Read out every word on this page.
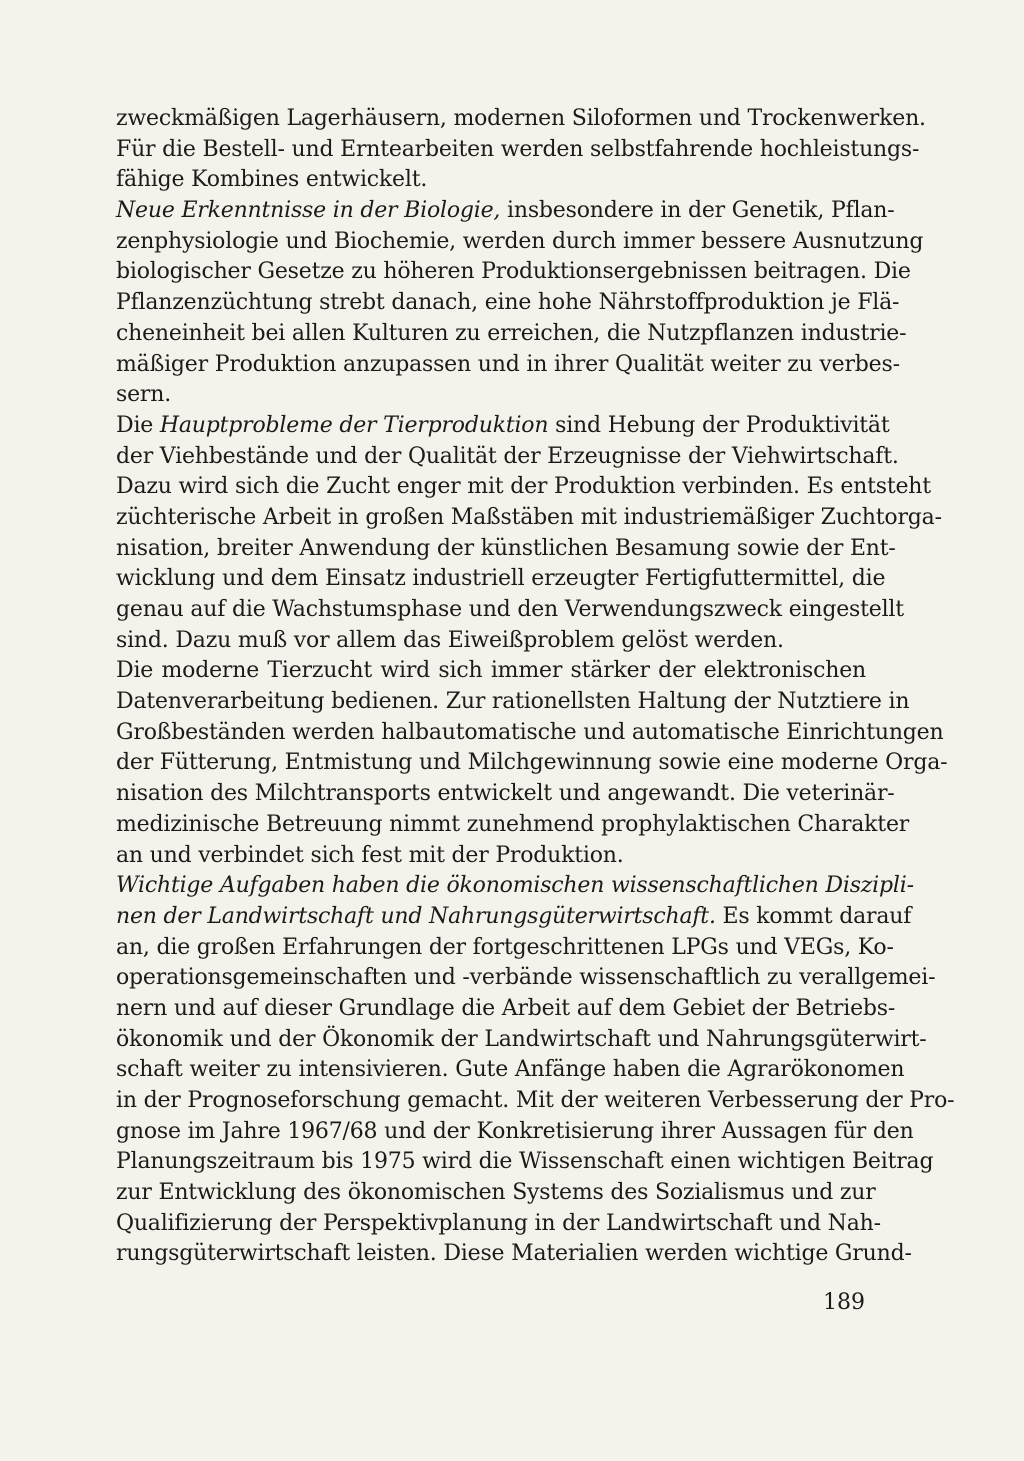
zweckmäßigen Lagerhäusern, modernen Siloformen und Trockenwerken.
Für die Bestell- und Erntearbeiten werden selbstfahrende hochleistungs-
fähige Kombines entwickelt.
Neue Erkenntnisse in der Biologie, insbesondere in der Genetik, Pflan-
zenphysiologie und Biochemie, werden durch immer bessere Ausnutzung
biologischer Gesetze zu höheren Produktionsergebnissen beitragen. Die
Pflanzenzüchtung strebt danach, eine hohe Nährstoffproduktion je Flä-
cheneinheit bei allen Kulturen zu erreichen, die Nutzpflanzen industrie-
mäßiger Produktion anzupassen und in ihrer Qualität weiter zu verbes-
sern.
Die Hauptprobleme der Tierproduktion sind Hebung der Produktivität
der Viehbestände und der Qualität der Erzeugnisse der Viehwirtschaft.
Dazu wird sich die Zucht enger mit der Produktion verbinden. Es entsteht
züchterische Arbeit in großen Maßstäben mit industriemäßiger Zuchtorga-
nisation, breiter Anwendung der künstlichen Besamung sowie der Ent-
wicklung und dem Einsatz industriell erzeugter Fertigfuttermittel, die
genau auf die Wachstumsphase und den Verwendungszweck eingestellt
sind. Dazu muß vor allem das Eiweißproblem gelöst werden.
Die moderne Tierzucht wird sich immer stärker der elektronischen
Datenverarbeitung bedienen. Zur rationellsten Haltung der Nutztiere in
Großbeständen werden halbautomatische und automatische Einrichtungen
der Fütterung, Entmistung und Milchgewinnung sowie eine moderne Orga-
nisation des Milchtransports entwickelt und angewandt. Die veterinär-
medizinische Betreuung nimmt zunehmend prophylaktischen Charakter
an und verbindet sich fest mit der Produktion.
Wichtige Aufgaben haben die ökonomischen wissenschaftlichen Diszipli-
nen der Landwirtschaft und Nahrungsgüterwirtschaft. Es kommt darauf
an, die großen Erfahrungen der fortgeschrittenen LPGs und VEGs, Ko-
operationsgemeinschaften und -verbände wissenschaftlich zu verallgemei-
nern und auf dieser Grundlage die Arbeit auf dem Gebiet der Betriebs-
ökonomik und der Ökonomik der Landwirtschaft und Nahrungsgüterwirt-
schaft weiter zu intensivieren. Gute Anfänge haben die Agrarökonomen
in der Prognoseforschung gemacht. Mit der weiteren Verbesserung der Pro-
gnose im Jahre 1967/68 und der Konkretisierung ihrer Aussagen für den
Planungszeitraum bis 1975 wird die Wissenschaft einen wichtigen Beitrag
zur Entwicklung des ökonomischen Systems des Sozialismus und zur
Qualifizierung der Perspektivplanung in der Landwirtschaft und Nah-
rungsgüterwirtschaft leisten. Diese Materialien werden wichtige Grund-
189
